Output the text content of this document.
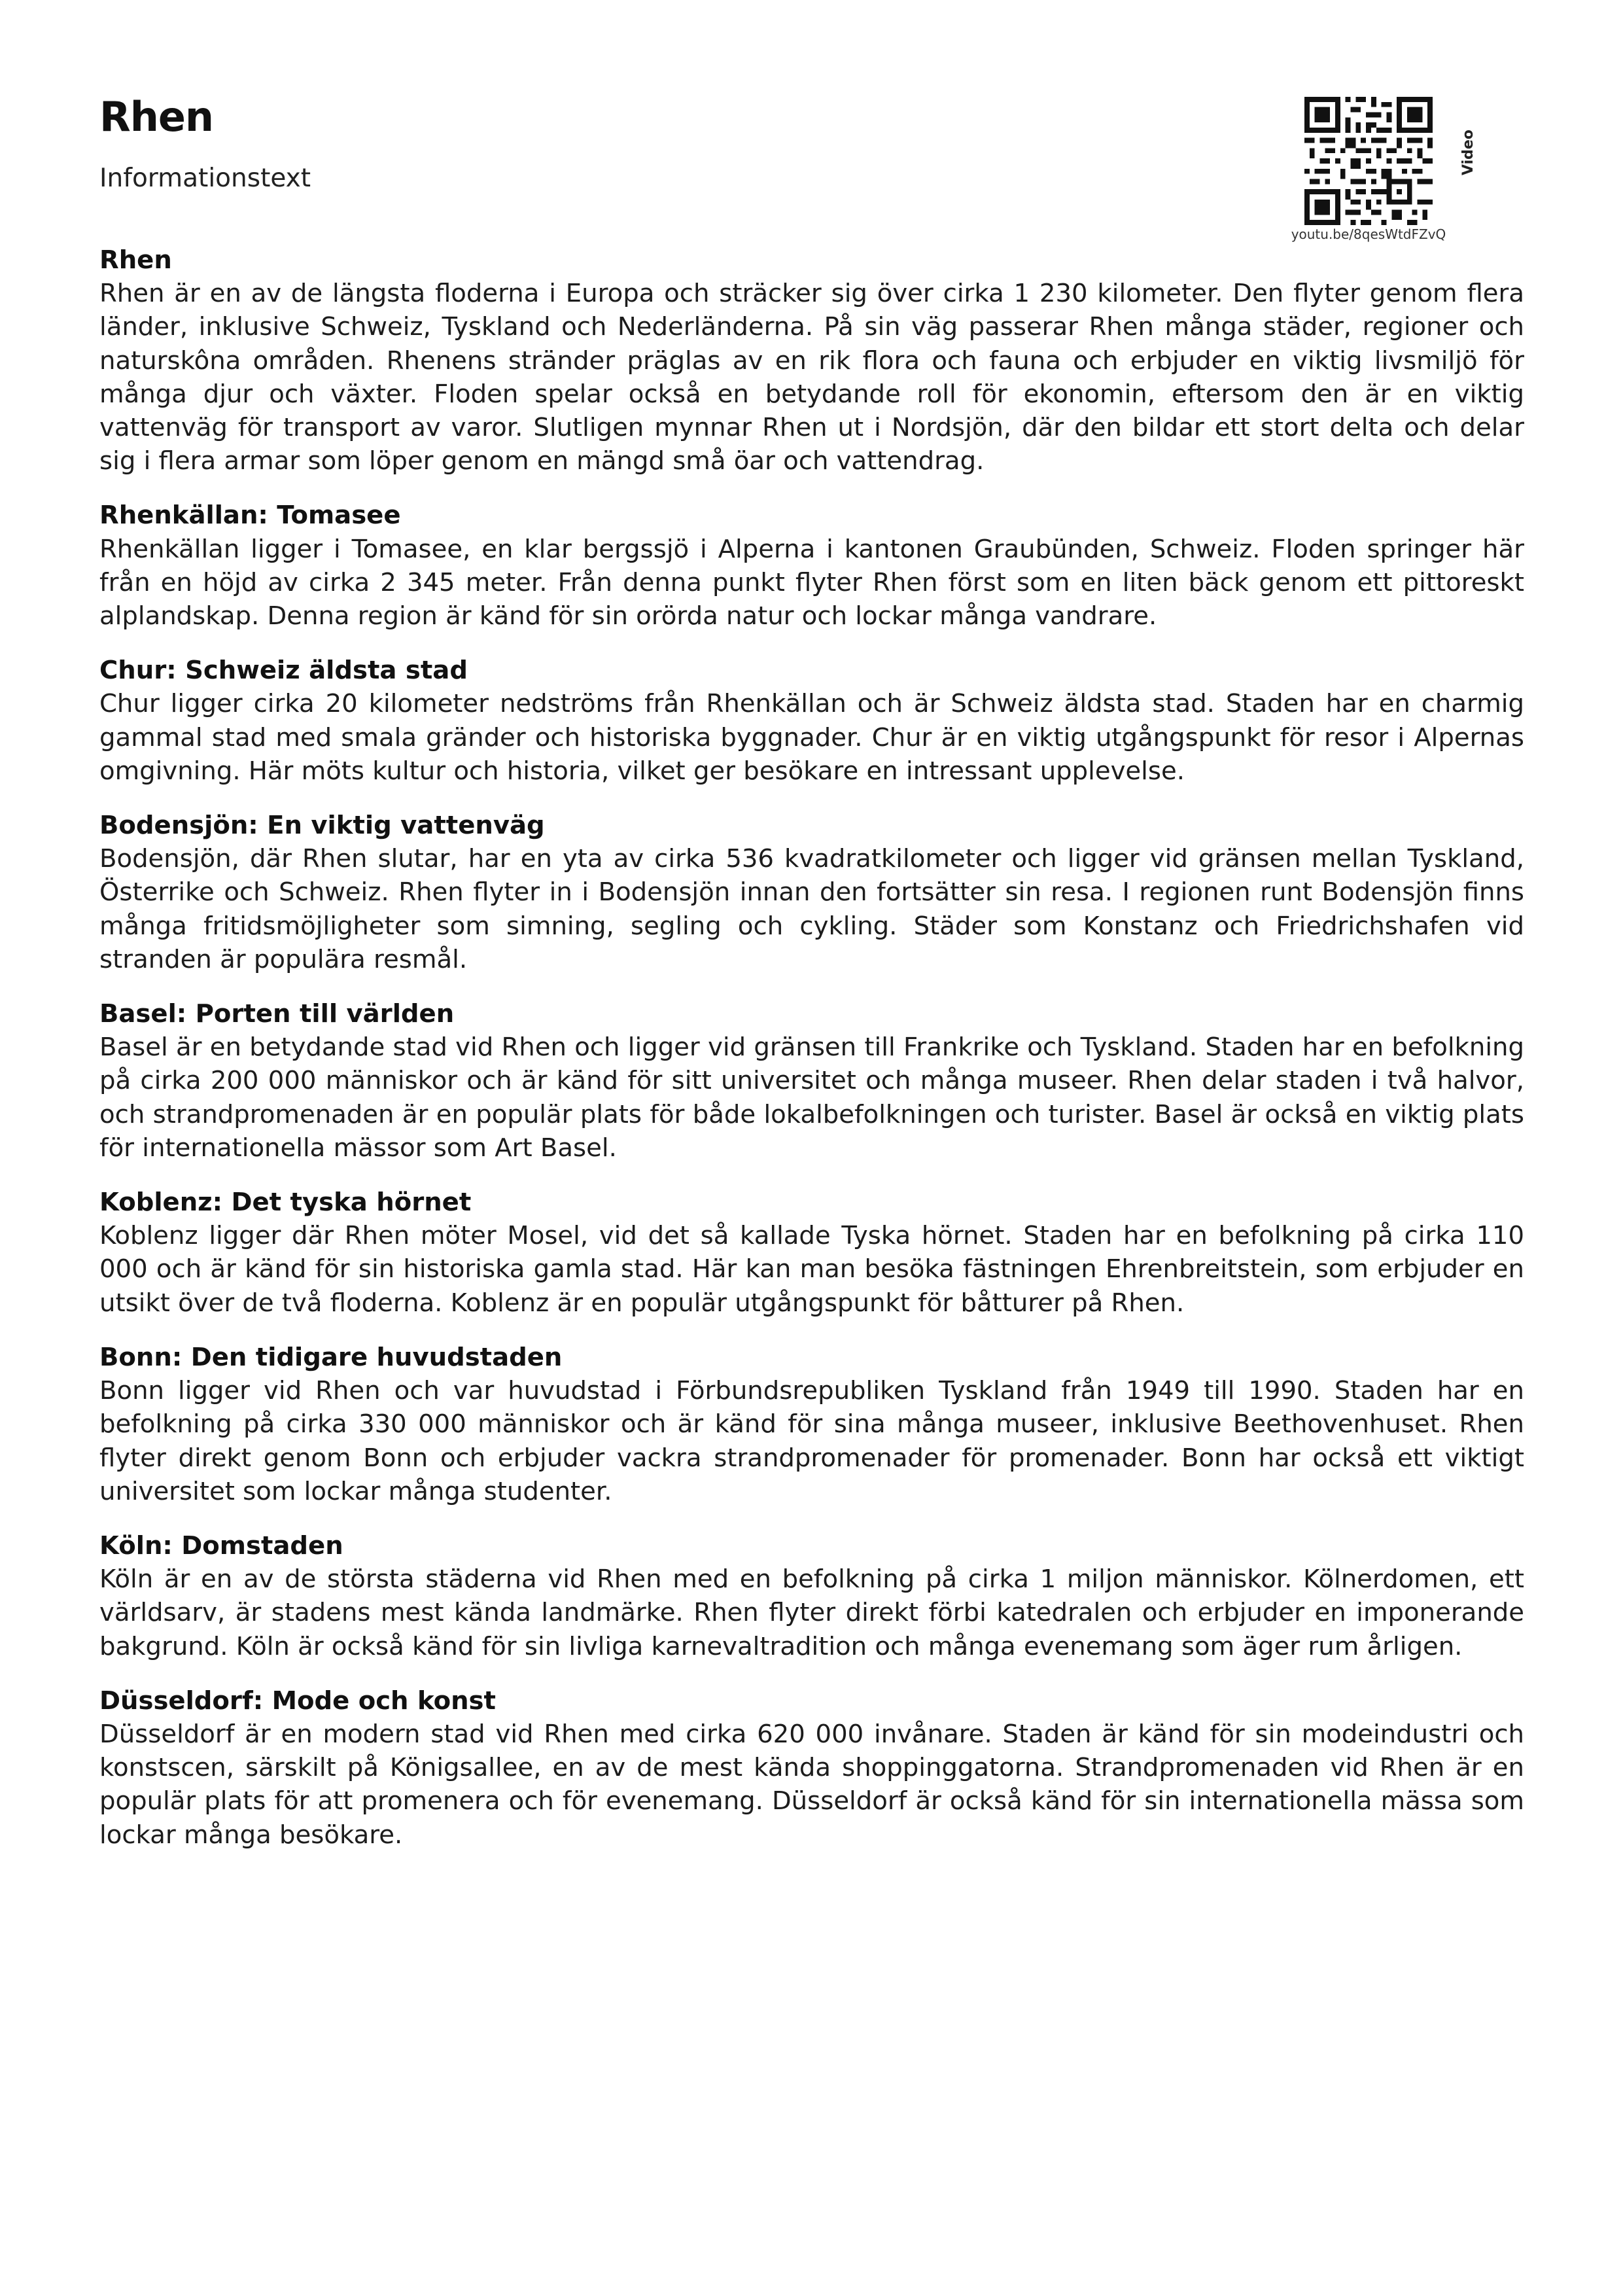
Rhen
Informationstext
youtu.be/8qesWtdFZvQ
Video
Rhen
Rhen är en av de längsta floderna i Europa och sträcker sig över cirka 1 230 kilometer. Den flyter genom flera länder, inklusive Schweiz, Tyskland och Nederländerna. På sin väg passerar Rhen många städer, regioner och naturskôna områden. Rhenens stränder präglas av en rik flora och fauna och erbjuder en viktig livsmiljö för många djur och växter. Floden spelar också en betydande roll för ekonomin, eftersom den är en viktig vattenväg för transport av varor. Slutligen mynnar Rhen ut i Nordsjön, där den bildar ett stort delta och delar sig i flera armar som löper genom en mängd små öar och vattendrag.
Rhenkällan: Tomasee
Rhenkällan ligger i Tomasee, en klar bergssjö i Alperna i kantonen Graubünden, Schweiz. Floden springer här från en höjd av cirka 2 345 meter. Från denna punkt flyter Rhen först som en liten bäck genom ett pittoreskt alplandskap. Denna region är känd för sin orörda natur och lockar många vandrare.
Chur: Schweiz äldsta stad
Chur ligger cirka 20 kilometer nedströms från Rhenkällan och är Schweiz äldsta stad. Staden har en charmig gammal stad med smala gränder och historiska byggnader. Chur är en viktig utgångspunkt för resor i Alpernas omgivning. Här möts kultur och historia, vilket ger besökare en intressant upplevelse.
Bodensjön: En viktig vattenväg
Bodensjön, där Rhen slutar, har en yta av cirka 536 kvadratkilometer och ligger vid gränsen mellan Tyskland, Österrike och Schweiz. Rhen flyter in i Bodensjön innan den fortsätter sin resa. I regionen runt Bodensjön finns många fritidsmöjligheter som simning, segling och cykling. Städer som Konstanz och Friedrichshafen vid stranden är populära resmål.
Basel: Porten till världen
Basel är en betydande stad vid Rhen och ligger vid gränsen till Frankrike och Tyskland. Staden har en befolkning på cirka 200 000 människor och är känd för sitt universitet och många museer. Rhen delar staden i två halvor, och strandpromenaden är en populär plats för både lokalbefolkningen och turister. Basel är också en viktig plats för internationella mässor som Art Basel.
Koblenz: Det tyska hörnet
Koblenz ligger där Rhen möter Mosel, vid det så kallade Tyska hörnet. Staden har en befolkning på cirka 110 000 och är känd för sin historiska gamla stad. Här kan man besöka fästningen Ehrenbreitstein, som erbjuder en utsikt över de två floderna. Koblenz är en populär utgångspunkt för båtturer på Rhen.
Bonn: Den tidigare huvudstaden
Bonn ligger vid Rhen och var huvudstad i Förbundsrepubliken Tyskland från 1949 till 1990. Staden har en befolkning på cirka 330 000 människor och är känd för sina många museer, inklusive Beethovenhuset. Rhen flyter direkt genom Bonn och erbjuder vackra strandpromenader för promenader. Bonn har också ett viktigt universitet som lockar många studenter.
Köln: Domstaden
Köln är en av de största städerna vid Rhen med en befolkning på cirka 1 miljon människor. Kölnerdomen, ett världsarv, är stadens mest kända landmärke. Rhen flyter direkt förbi katedralen och erbjuder en imponerande bakgrund. Köln är också känd för sin livliga karnevaltradition och många evenemang som äger rum årligen.
Düsseldorf: Mode och konst
Düsseldorf är en modern stad vid Rhen med cirka 620 000 invånare. Staden är känd för sin modeindustri och konstscen, särskilt på Königsallee, en av de mest kända shoppinggatorna. Strandpromenaden vid Rhen är en populär plats för att promenera och för evenemang. Düsseldorf är också känd för sin internationella mässa som lockar många besökare.
